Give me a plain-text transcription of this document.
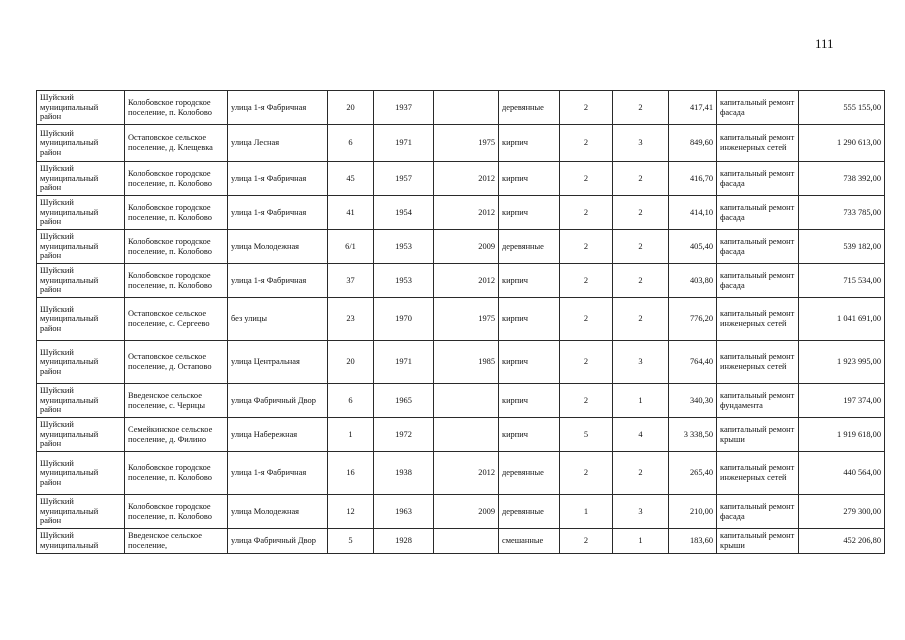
111
Шуйский муниципальный район	Колобовское городское поселение, п. Колобово	улица 1-я Фабричная	20	1937		деревянные	2	2	417,41	капитальный ремонт фасада	555 155,00
Шуйский муниципальный район	Остаповское сельское поселение, д. Клещевка	улица Лесная	6	1971	1975	кирпич	2	3	849,60	капитальный ремонт инженерных сетей	1 290 613,00
Шуйский муниципальный район	Колобовское городское поселение, п. Колобово	улица 1-я Фабричная	45	1957	2012	кирпич	2	2	416,70	капитальный ремонт фасада	738 392,00
Шуйский муниципальный район	Колобовское городское поселение, п. Колобово	улица 1-я Фабричная	41	1954	2012	кирпич	2	2	414,10	капитальный ремонт фасада	733 785,00
Шуйский муниципальный район	Колобовское городское поселение, п. Колобово	улица Молодежная	6/1	1953	2009	деревянные	2	2	405,40	капитальный ремонт фасада	539 182,00
Шуйский муниципальный район	Колобовское городское поселение, п. Колобово	улица 1-я Фабричная	37	1953	2012	кирпич	2	2	403,80	капитальный ремонт фасада	715 534,00
Шуйский муниципальный район	Остаповское сельское поселение, с. Сергеево	без улицы	23	1970	1975	кирпич	2	2	776,20	капитальный ремонт инженерных сетей	1 041 691,00
Шуйский муниципальный район	Остаповское сельское поселение, д. Остапово	улица Центральная	20	1971	1985	кирпич	2	3	764,40	капитальный ремонт инженерных сетей	1 923 995,00
Шуйский муниципальный район	Введенское сельское поселение, с. Чернцы	улица Фабричный Двор	6	1965		кирпич	2	1	340,30	капитальный ремонт фундамента	197 374,00
Шуйский муниципальный район	Семейкинское сельское поселение, д. Филино	улица Набережная	1	1972		кирпич	5	4	3 338,50	капитальный ремонт крыши	1 919 618,00
Шуйский муниципальный район	Колобовское городское поселение, п. Колобово	улица 1-я Фабричная	16	1938	2012	деревянные	2	2	265,40	капитальный ремонт инженерных сетей	440 564,00
Шуйский муниципальный район	Колобовское городское поселение, п. Колобово	улица Молодежная	12	1963	2009	деревянные	1	3	210,00	капитальный ремонт фасада	279 300,00
Шуйский муниципальный	Введенское сельское поселение,	улица Фабричный Двор	5	1928		смешанные	2	1	183,60	капитальный ремонт крыши	452 206,80
